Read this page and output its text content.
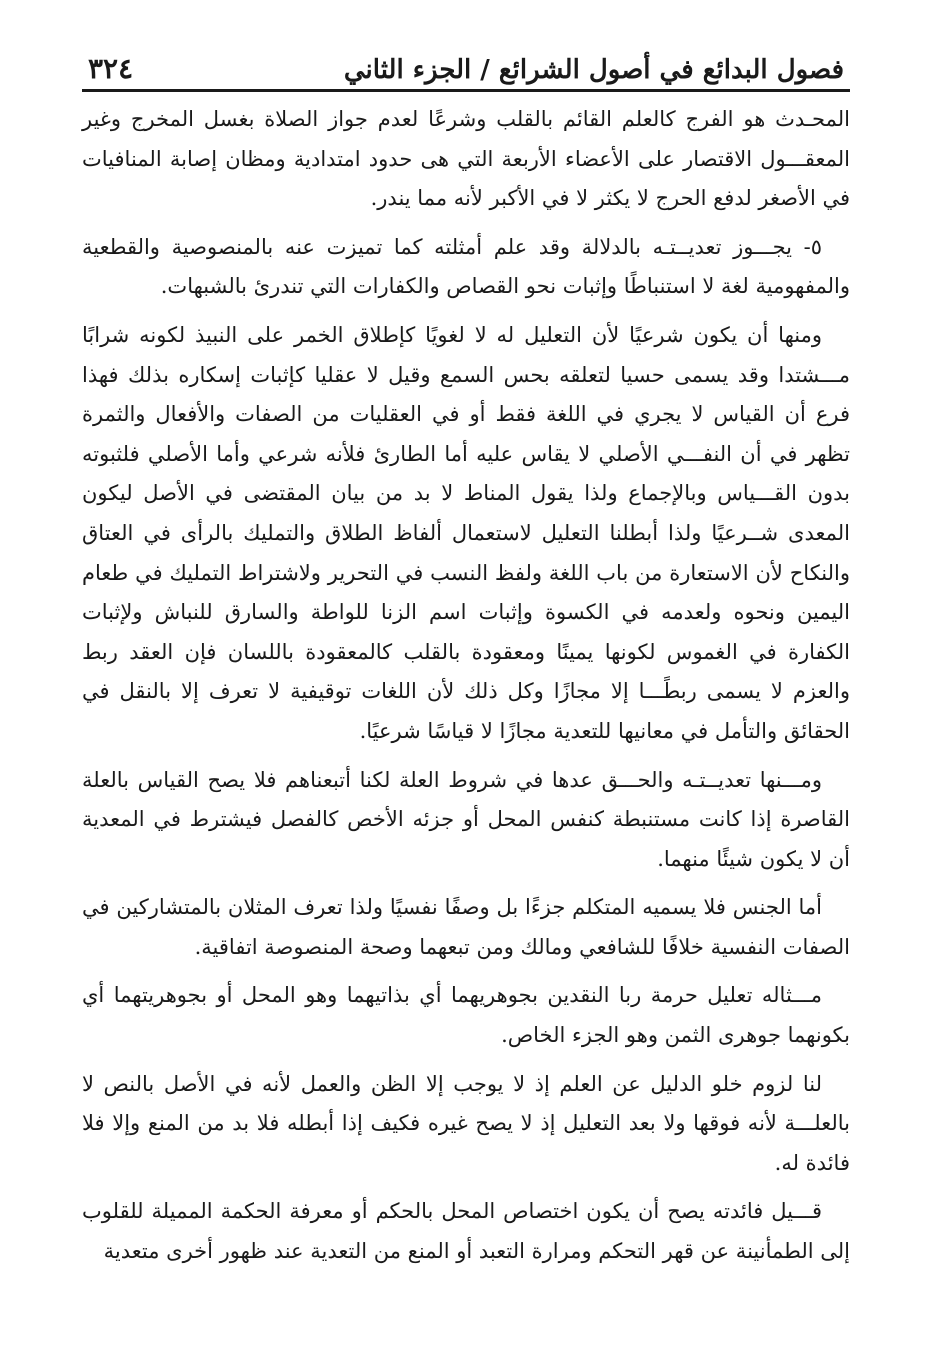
فصول البدائع في أصول الشرائع / الجزء الثاني
٣٢٤

المحـدث هو الفرج كالعلم القائم بالقلب وشرعًا لعدم جواز الصلاة بغسل المخرج وغير المعقـــول الاقتصار على الأعضاء الأربعة التي هى حدود امتدادية ومظان إصابة المنافيات في الأصغر لدفع الحرج لا يكثر لا في الأكبر لأنه مما يندر.

٥- يجـــوز تعديــتـه بالدلالة وقد علم أمثلته كما تميزت عنه بالمنصوصية والقطعية والمفهومية لغة لا استنباطًا وإثبات نحو القصاص والكفارات التي تندرئ بالشبهات.

ومنها أن يكون شرعيًا لأن التعليل له لا لغويًا كإطلاق الخمر على النبيذ لكونه شرابًا مـــشتدا وقد يسمى حسيا لتعلقه بحس السمع وقيل لا عقليا كإثبات إسكاره بذلك فهذا فرع أن القياس لا يجري في اللغة فقط أو في العقليات من الصفات والأفعال والثمرة تظهر في أن النفـــي الأصلي لا يقاس عليه أما الطارئ فلأنه شرعي وأما الأصلي فلثبوته بدون القـــياس وبالإجماع ولذا يقول المناط لا بد من بيان المقتضى في الأصل ليكون المعدى شــرعيًا ولذا أبطلنا التعليل لاستعمال ألفاظ الطلاق والتمليك بالرأى في العتاق والنكاح لأن الاستعارة من باب اللغة ولفظ النسب في التحرير ولاشتراط التمليك في طعام اليمين ونحوه ولعدمه في الكسوة وإثبات اسم الزنا للواطة والسارق للنباش ولإثبات الكفارة في الغموس لكونها يمينًا ومعقودة بالقلب كالمعقودة باللسان فإن العقد ربط والعزم لا يسمى ربطًـــا إلا مجازًا وكل ذلك لأن اللغات توقيفية لا تعرف إلا بالنقل في الحقائق والتأمل في معانيها للتعدية مجازًا لا قياسًا شرعيًا.

ومـــنها تعديــتـه والحـــق عدها في شروط العلة لكنا أتبعناهم فلا يصح القياس بالعلة القاصرة إذا كانت مستنبطة كنفس المحل أو جزئه الأخص كالفصل فيشترط في المعدية أن لا يكون شيئًا منهما.

أما الجنس فلا يسميه المتكلم جزءًا بل وصفًا نفسيًا ولذا تعرف المثلان بالمتشاركين في الصفات النفسية خلافًا للشافعي ومالك ومن تبعهما وصحة المنصوصة اتفاقية.

مـــثاله تعليل حرمة ربا النقدين بجوهريهما أي بذاتيهما وهو المحل أو بجوهريتهما أي بكونهما جوهرى الثمن وهو الجزء الخاص.

لنا لزوم خلو الدليل عن العلم إذ لا يوجب إلا الظن والعمل لأنه في الأصل بالنص لا بالعلـــة لأنه فوقها ولا بعد التعليل إذ لا يصح غيره فكيف إذا أبطله فلا بد من المنع وإلا فلا فائدة له.

قـــيل فائدته يصح أن يكون اختصاص المحل بالحكم أو معرفة الحكمة المميلة للقلوب إلى الطمأنينة عن قهر التحكم ومرارة التعبد أو المنع من التعدية عند ظهور أخرى متعدية
